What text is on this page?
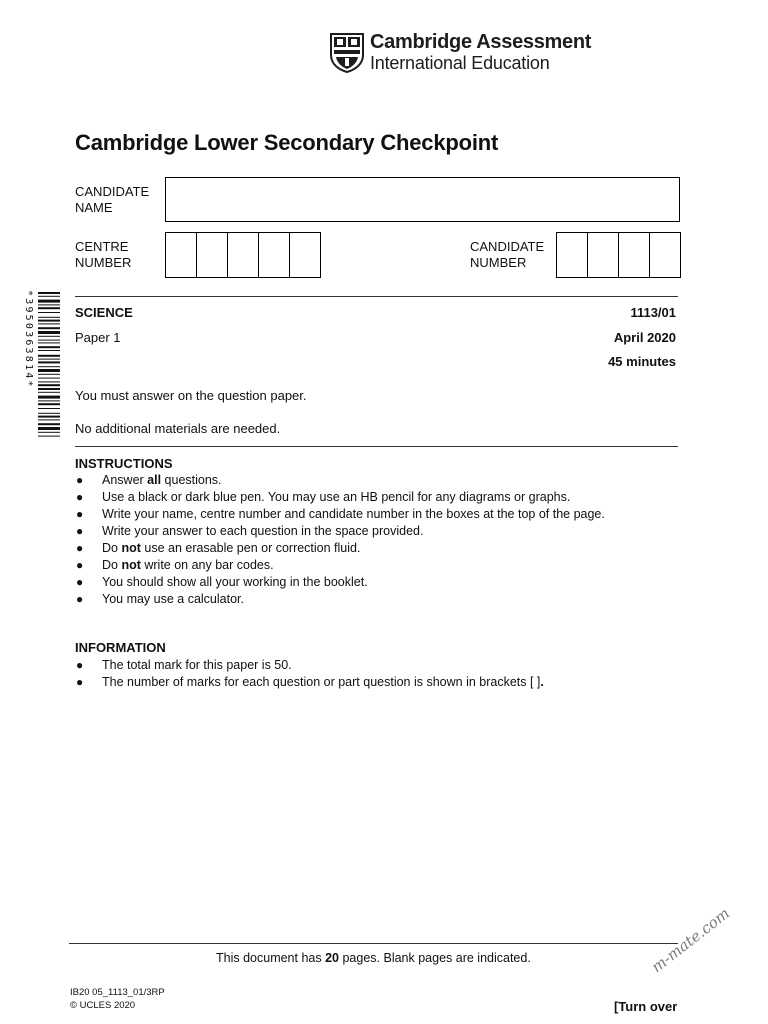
Cambridge Assessment
International Education
Cambridge Lower Secondary Checkpoint
CANDIDATE
NAME
CENTRE
NUMBER
CANDIDATE
NUMBER
*3950363814*	SCIENCE	1113/01
Paper 1	April 2020
45 minutes
You must answer on the question paper.
No additional materials are needed.
INSTRUCTIONS
● Answer all questions.
● Use a black or dark blue pen. You may use an HB pencil for any diagrams or graphs.
● Write your name, centre number and candidate number in the boxes at the top of the page.
● Write your answer to each question in the space provided.
● Do not use an erasable pen or correction fluid.
● Do not write on any bar codes.
● You should show all your working in the booklet.
● You may use a calculator.
INFORMATION
● The total mark for this paper is 50.
● The number of marks for each question or part question is shown in brackets [ ].
This document has 20 pages. Blank pages are indicated.
IB20 05_1113_01/3RP
© UCLES 2020	[Turn over
m-mate.com
